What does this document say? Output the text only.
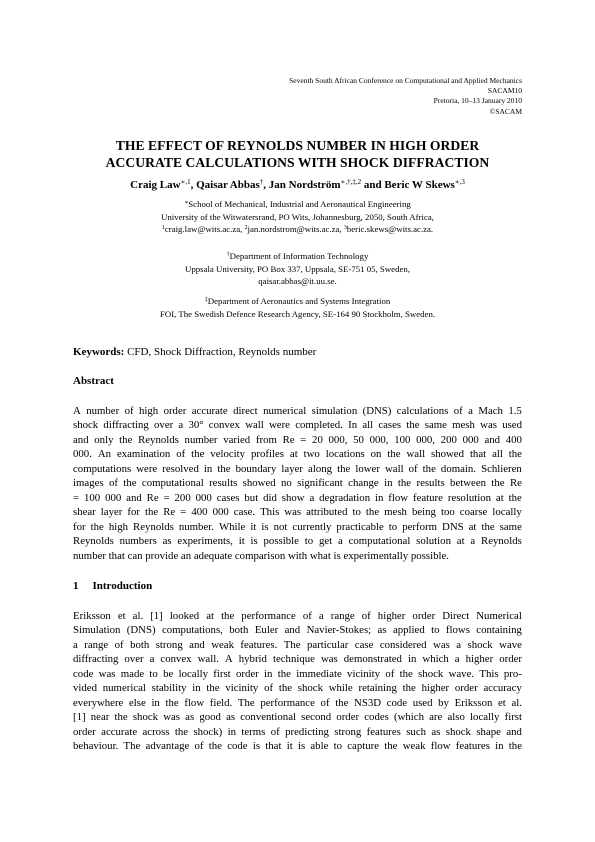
Seventh South African Conference on Computational and Applied Mechanics
SACAM10
Pretoria, 10–13 January 2010
©SACAM
THE EFFECT OF REYNOLDS NUMBER IN HIGH ORDER
ACCURATE CALCULATIONS WITH SHOCK DIFFRACTION
Craig Law$^{∗,1}$, Qaisar Abbas†, Jan Nordström$^{∗,\dagger,\ddagger,2}$ and Beric W Skews$^{∗,3}$
∗School of Mechanical, Industrial and Aeronautical Engineering
University of the Witwatersrand, PO Wits, Johannesburg, 2050, South Africa,
$^1$craig.law@wits.ac.za, $^2$jan.nordstrom@wits.ac.za, $^3$beric.skews@wits.ac.za.
†Department of Information Technology
Uppsala University, PO Box 337, Uppsala, SE-751 05, Sweden,
qaisar.abbas@it.uu.se.
‡Department of Aeronautics and Systems Integration
FOI, The Swedish Defence Research Agency, SE-164 90 Stockholm, Sweden.
Keywords: CFD, Shock Diffraction, Reynolds number
Abstract
A number of high order accurate direct numerical simulation (DNS) calculations of a Mach 1.5
shock diffracting over a 30° convex wall were completed. In all cases the same mesh was used
and only the Reynolds number varied from Re = 20 000, 50 000, 100 000, 200 000 and 400
000. An examination of the velocity profiles at two locations on the wall showed that all the
computations were resolved in the boundary layer along the lower wall of the domain. Schlieren
images of the computational results showed no significant change in the results between the Re
= 100 000 and Re = 200 000 cases but did show a degradation in flow feature resolution at the
shear layer for the Re = 400 000 case. This was attributed to the mesh being too coarse locally
for the high Reynolds number. While it is not currently practicable to perform DNS at the same
Reynolds numbers as experiments, it is possible to get a computational solution at a Reynolds
number that can provide an adequate comparison with what is experimentally possible.
1 Introduction
Eriksson et al. [1] looked at the performance of a range of higher order Direct Numerical
Simulation (DNS) computations, both Euler and Navier-Stokes; as applied to flows containing
a range of both strong and weak features. The particular case considered was a shock wave
diffracting over a convex wall. A hybrid technique was demonstrated in which a higher order
code was made to be locally first order in the immediate vicinity of the shock wave. This pro-
vided numerical stability in the vicinity of the shock while retaining the higher order accuracy
everywhere else in the flow field. The performance of the NS3D code used by Eriksson et al.
[1] near the shock was as good as conventional second order codes (which are also locally first
order accurate across the shock) in terms of predicting strong features such as shock shape and
behaviour. The advantage of the code is that it is able to capture the weak flow features in the
